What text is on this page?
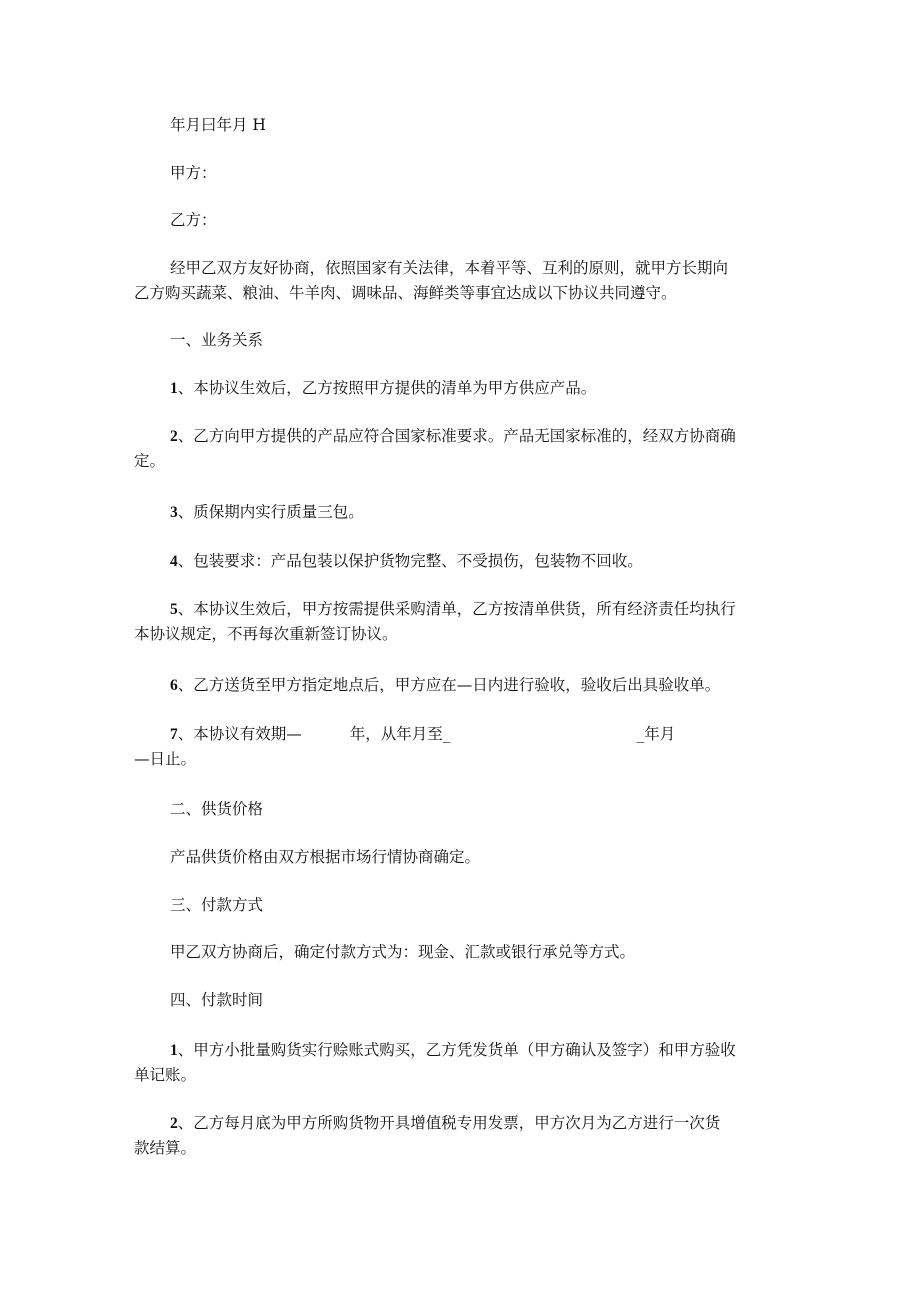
年月曰年月 H

甲方：

乙方：

经甲乙双方友好协商，依照国家有关法律，本着平等、互利的原则，就甲方长期向

乙方购买蔬菜、粮油、牛羊肉、调味品、海鲜类等事宜达成以下协议共同遵守。

一、业务关系

1、本协议生效后，乙方按照甲方提供的清单为甲方供应产品。

2、乙方向甲方提供的产品应符合国家标准要求。产品无国家标准的，经双方协商确

定。

3、质保期内实行质量三包。

4、包装要求：产品包装以保护货物完整、不受损伤，包装物不回收。

5、本协议生效后，甲方按需提供采购清单，乙方按清单供货，所有经济责任均执行

本协议规定，不再每次重新签订协议。

6、乙方送货至甲方指定地点后，甲方应在—日内进行验收，验收后出具验收单。

7、本协议有效期—	年，从年月至_	_年月

—日止。

二、供货价格

产品供货价格由双方根据市场行情协商确定。

三、付款方式

甲乙双方协商后，确定付款方式为：现金、汇款或银行承兑等方式。

四、付款时间

1、甲方小批量购货实行赊账式购买，乙方凭发货单（甲方确认及签字）和甲方验收

单记账。

2、乙方每月底为甲方所购货物开具增值税专用发票，甲方次月为乙方进行一次货

款结算。
